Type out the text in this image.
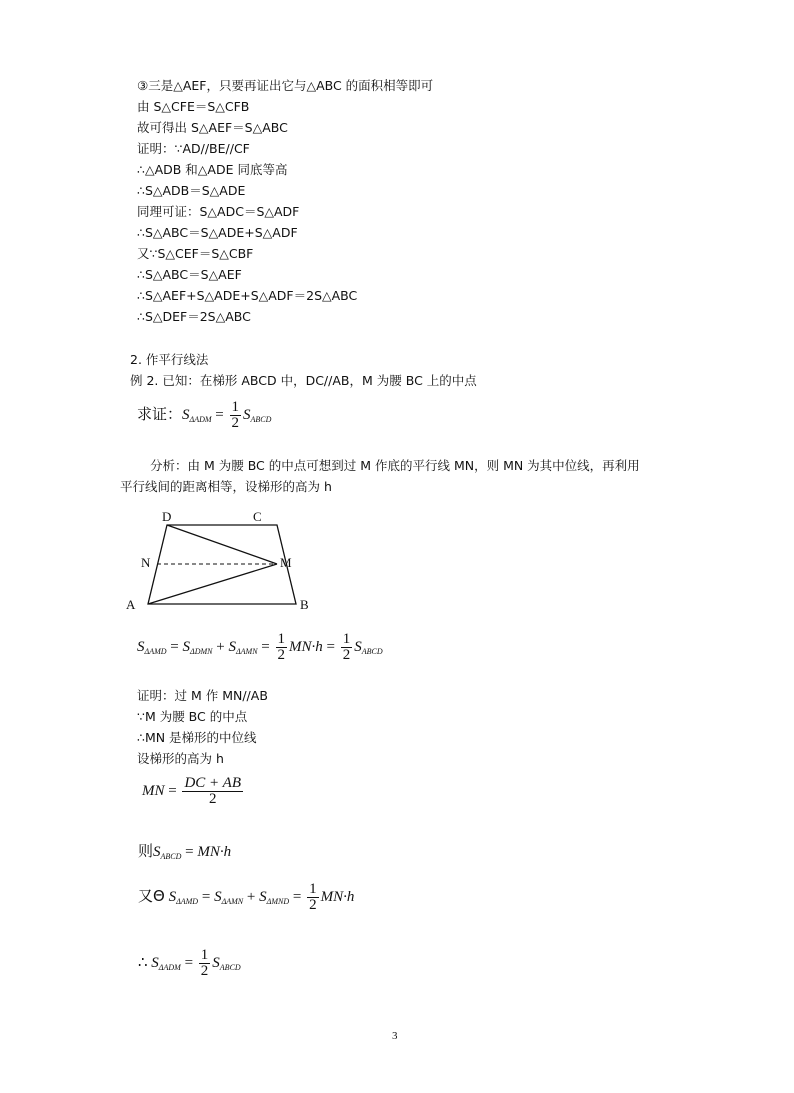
③三是△AEF，只要再证出它与△ABC 的面积相等即可
由 S△CFE＝S△CFB
故可得出 S△AEF＝S△ABC
证明：∵AD//BE//CF
∴△ADB 和△ADE 同底等高
∴S△ADB＝S△ADE
同理可证：S△ADC＝S△ADF
∴S△ABC＝S△ADE+S△ADF
又∵S△CEF＝S△CBF
∴S△ABC＝S△AEF
∴S△AEF+S△ADE+S△ADF＝2S△ABC
∴S△DEF＝2S△ABC
2. 作平行线法
例 2. 已知：在梯形 ABCD 中，DC//AB，M 为腰 BC 上的中点
求证：$S_{\Delta ADM} = \frac{1}{2} S_{ABCD}$
分析：由 M 为腰 BC 的中点可想到过 M 作底的平行线 MN，则 MN 为其中位线，再利用
平行线间的距离相等，设梯形的高为 h
D	C
N	M
A	B
$S_{\Delta AMD} = S_{\Delta DMN} + S_{\Delta AMN} = \frac{1}{2} MN\cdot h = \frac{1}{2} S_{ABCD}$
证明：过 M 作 MN//AB
∵M 为腰 BC 的中点
∴MN 是梯形的中位线
设梯形的高为 h
MN = $\frac{DC + AB}{2}$
则$S_{ABCD} = MN\cdot h$
又Θ $S_{\Delta AMD} = S_{\Delta AMN} + S_{\Delta MND} = \frac{1}{2} MN\cdot h$
∴ $S_{\Delta ADM} = \frac{1}{2} S_{ABCD}$
3
